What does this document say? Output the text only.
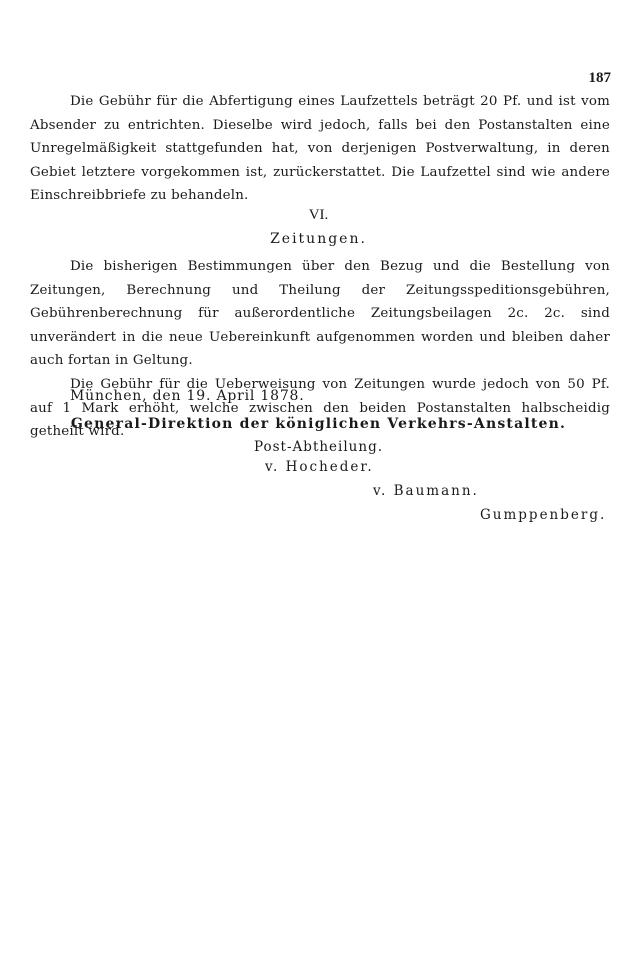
187

Die Gebühr für die Abfertigung eines Laufzettels beträgt 20 Pf. und ist vom Absender zu entrichten. Dieselbe wird jedoch, falls bei den Postanstalten eine Unregelmäßigkeit stattgefunden hat, von derjenigen Postverwaltung, in deren Gebiet letztere vorgekommen ist, zurückerstattet. Die Laufzettel sind wie andere Einschreibbriefe zu behandeln.

VI.
Zeitungen.

Die bisherigen Bestimmungen über den Bezug und die Bestellung von Zeitungen, Berechnung und Theilung der Zeitungsspeditionsgebühren, Gebührenberechnung für außerordentliche Zeitungsbeilagen 2c. 2c. sind unverändert in die neue Uebereinkunft aufgenommen worden und bleiben daher auch fortan in Geltung.

Die Gebühr für die Ueberweisung von Zeitungen wurde jedoch von 50 Pf. auf 1 Mark erhöht, welche zwischen den beiden Postanstalten halbscheidig getheilt wird.

München, den 19. April 1878.
General-Direktion der königlichen Verkehrs-Anstalten.
Post-Abtheilung.
v. Hocheder.
v. Baumann.
Gumppenberg.
